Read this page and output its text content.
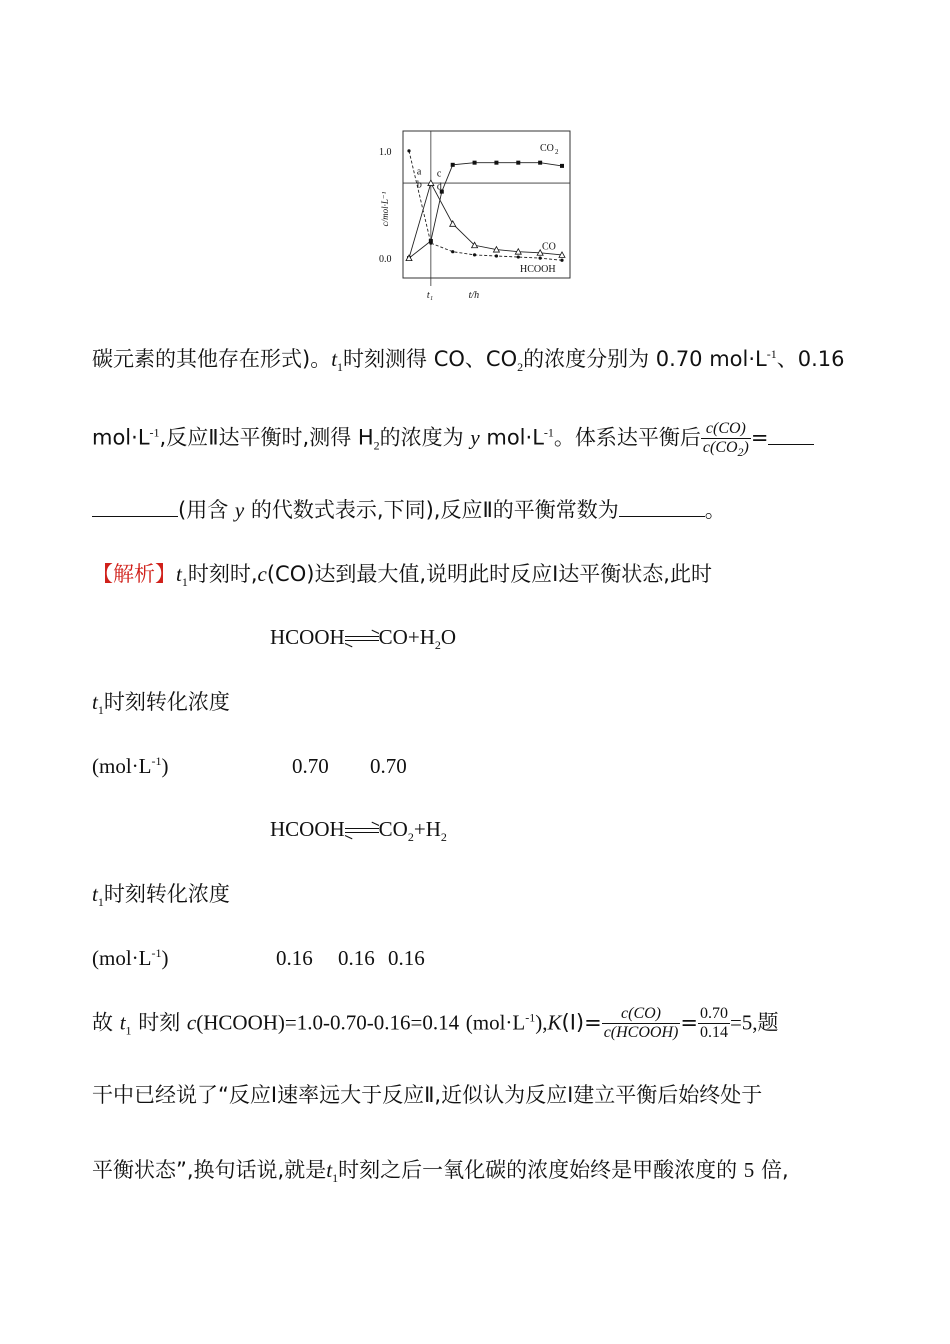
1.0
0.0
c/mol·L⁻¹
t₁	t/h
CO 2
CO
HCOOH
a
b
c
d
碳元素的其他存在形式)。$t_1$时刻测得 CO、$CO_2$的浓度分别为 0.70 $mol\cdot L^{-1}$、0.16
$mol\cdot L^{-1}$,反应Ⅱ达平衡时,测得 $H_2$的浓度为 y $mol\cdot L^{-1}$。体系达平衡后 $\frac{c(CO)}{c(CO_2)}$ =
(用含 y 的代数式表示,下同),反应Ⅱ的平衡常数为	。
【解析】$t_1$时刻时,c(CO)达到最大值,说明此时反应Ⅰ达平衡状态,此时
HCOOH $CO+H_2O$
$t_1$时刻转化浓度
$(mol\cdot L^{-1})$	0.70 0.70
HCOOH $CO_2+H_2$
$t_1$时刻转化浓度
$(mol\cdot L^{-1})$	0.16 0.16 0.16
故 $t_1$ 时刻 c(HCOOH)=1.0-0.70-0.16=0.14 $(mol\cdot L^{-1}),K(Ⅰ)= \frac{c(CO)}{\text{c(HCOOH)}} = \frac{0.70}{0.14} =5$,题
干中已经说了“反应Ⅰ速率远大于反应Ⅱ,近似认为反应Ⅰ建立平衡后始终处于
平衡状态”,换句话说,就是$t_1$时刻之后一氧化碳的浓度始终是甲酸浓度的 5 倍,
